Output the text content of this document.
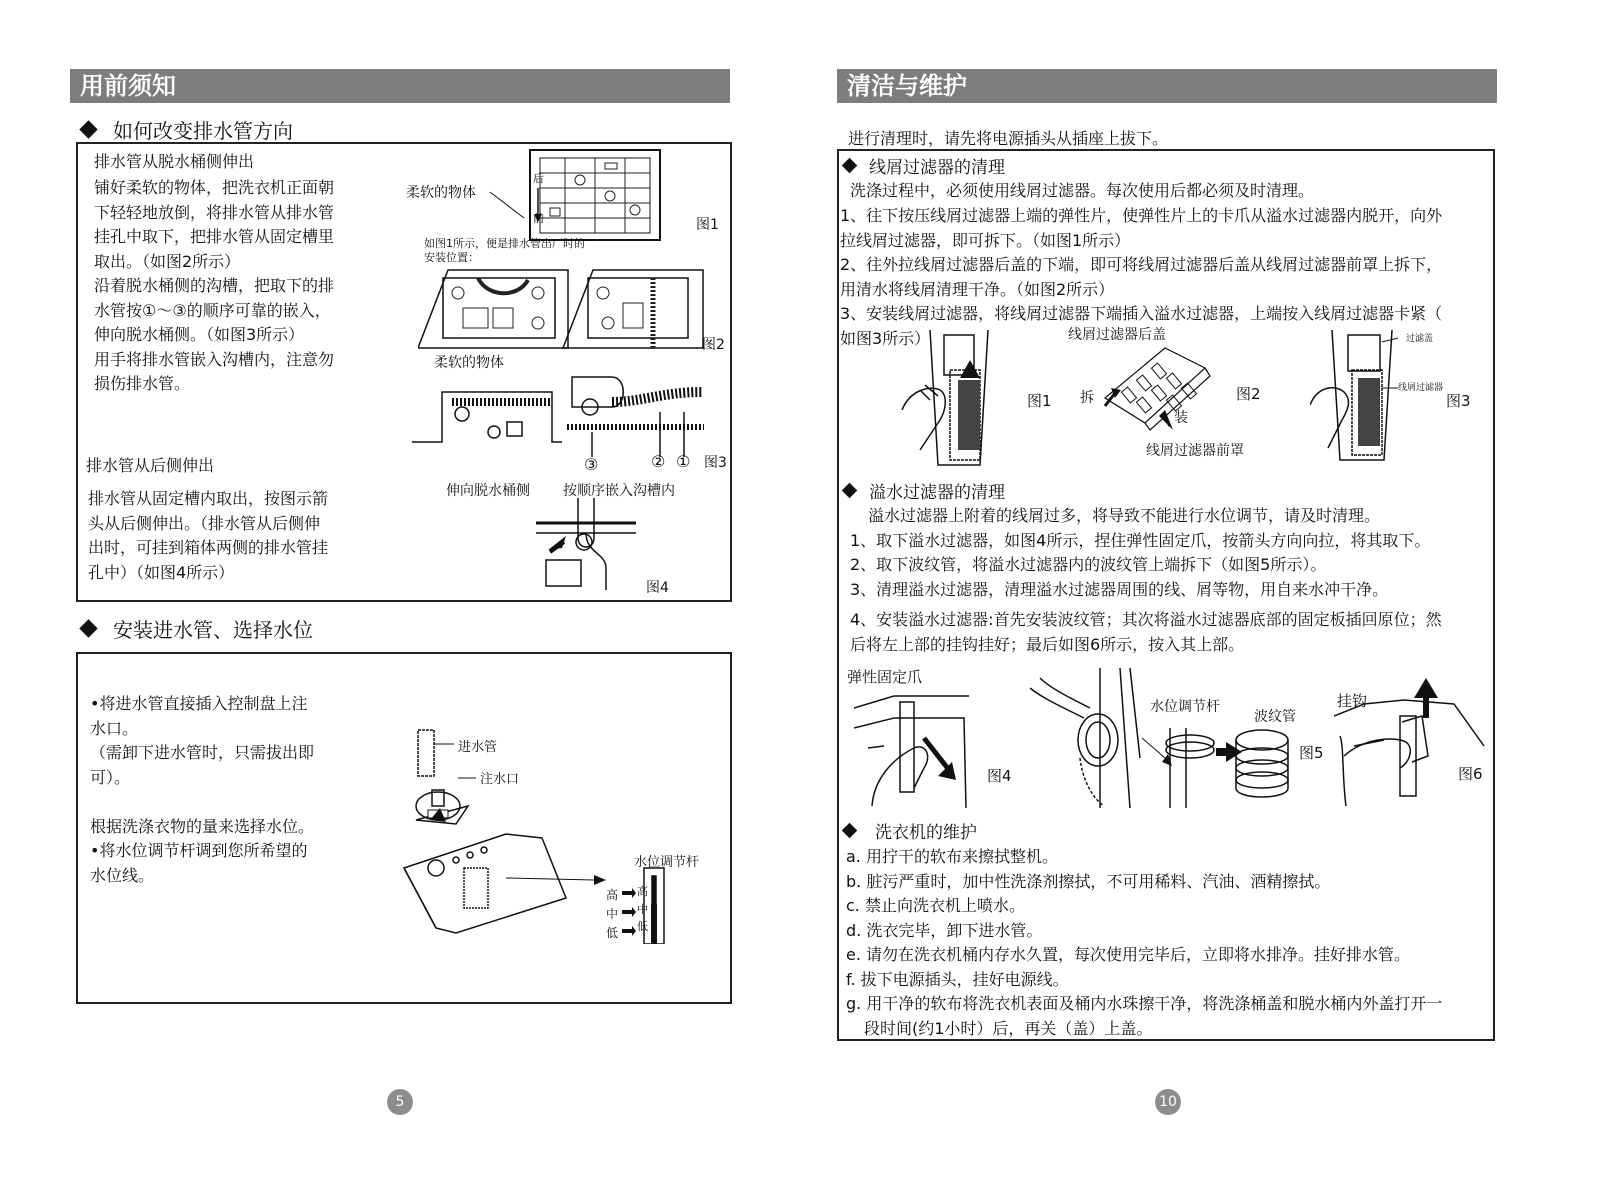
用前须知
如何改变排水管方向
排水管从脱水桶侧伸出
铺好柔软的物体，把洗衣机正面朝
下轻轻地放倒，将排水管从排水管
挂孔中取下，把排水管从固定槽里
取出。（如图2所示）
沿着脱水桶侧的沟槽，把取下的排
水管按①～③的顺序可靠的嵌入，
伸向脱水桶侧。（如图3所示）
用手将排水管嵌入沟槽内，注意勿
损伤排水管。
排水管从后侧伸出
排水管从固定槽内取出，按图示箭
头从后侧伸出。（排水管从后侧伸
出时，可挂到箱体两侧的排水管挂
孔中）（如图4所示）
柔软的物体
后
前	图1
如图1所示，便是排水管出厂时的
安装位置：
柔软的物体
图2
③	② ① 图3
伸向脱水桶侧 按顺序嵌入沟槽内
图4
安装进水管、选择水位
•将进水管直接插入控制盘上注
水口。
（需卸下进水管时，只需拔出即
可）。
根据洗涤衣物的量来选择水位。
•将水位调节杆调到您所希望的
水位线。
进水管
注水口
水位调节杆
高
中
低
高
中
低
5
清洁与维护
进行清理时，请先将电源插头从插座上拔下。
线屑过滤器的清理
洗涤过程中，必须使用线屑过滤器。每次使用后都必须及时清理。
1、往下按压线屑过滤器上端的弹性片，使弹性片上的卡爪从溢水过滤器内脱开，向外
拉线屑过滤器，即可拆下。（如图1所示）
2、往外拉线屑过滤器后盖的下端，即可将线屑过滤器后盖从线屑过滤器前罩上拆下，
用清水将线屑清理干净。（如图2所示）
3、安装线屑过滤器，将线屑过滤器下端插入溢水过滤器，上端按入线屑过滤器卡紧（
如图3所示）
图1
线屑过滤器后盖
拆
装
线屑过滤器前罩
图2
过滤盖
线屑过滤器
图3
溢水过滤器的清理
溢水过滤器上附着的线屑过多，将导致不能进行水位调节，请及时清理。
1、取下溢水过滤器，如图4所示，捏住弹性固定爪，按箭头方向向拉，将其取下。
2、取下波纹管，将溢水过滤器内的波纹管上端拆下（如图5所示）。
3、清理溢水过滤器，清理溢水过滤器周围的线、屑等物，用自来水冲干净。
4、安装溢水过滤器:首先安装波纹管；其次将溢水过滤器底部的固定板插回原位；然
后将左上部的挂钩挂好；最后如图6所示，按入其上部。
弹性固定爪
图4
水位调节杆
波纹管
图5
挂钩
图6
洗衣机的维护
a. 用拧干的软布来擦拭整机。
b. 脏污严重时，加中性洗涤剂擦拭，不可用稀料、汽油、酒精擦拭。
c. 禁止向洗衣机上喷水。
d. 洗衣完毕，卸下进水管。
e. 请勿在洗衣机桶内存水久置，每次使用完毕后，立即将水排净。挂好排水管。
f. 拔下电源插头，挂好电源线。
g. 用干净的软布将洗衣机表面及桶内水珠擦干净，将洗涤桶盖和脱水桶内外盖打开一
段时间(约1小时）后，再关（盖）上盖。
10
